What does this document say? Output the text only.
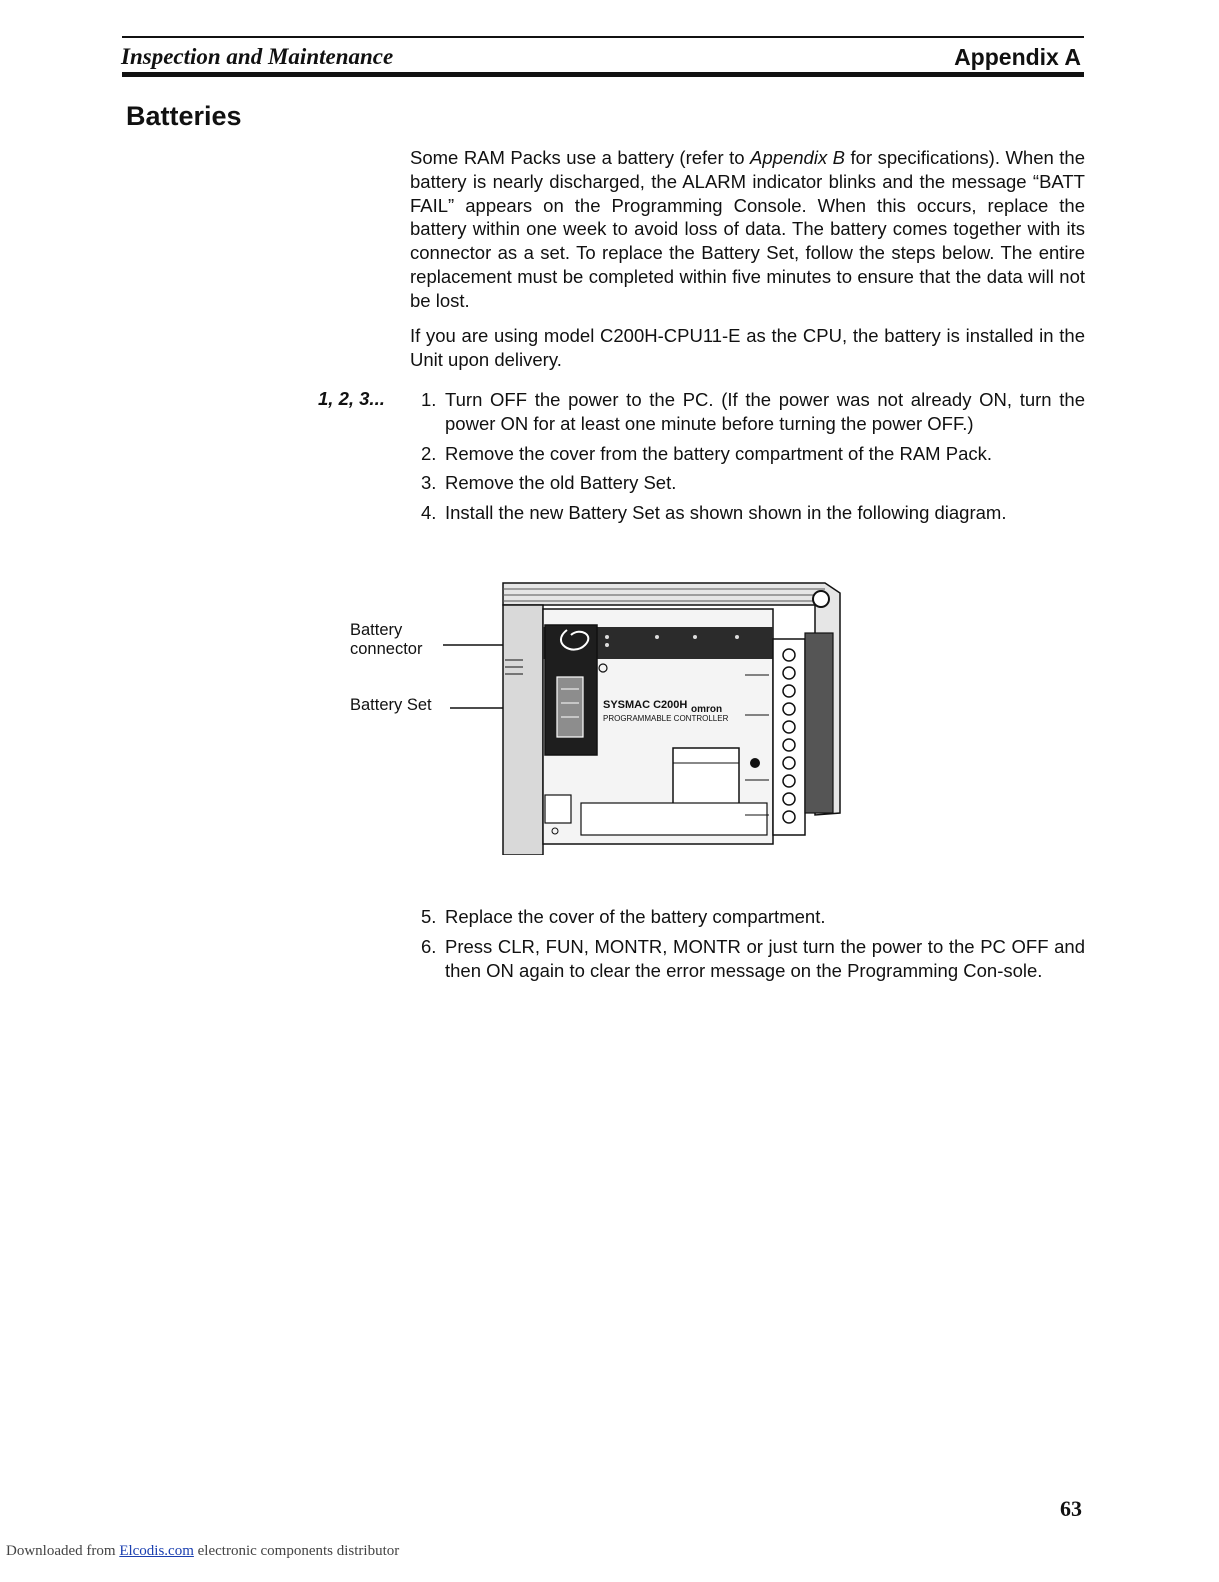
Inspection and Maintenance	Appendix A
Batteries

Some RAM Packs use a battery (refer to Appendix B for specifications). When the battery is nearly discharged, the ALARM indicator blinks and the message “BATT FAIL” appears on the Programming Console. When this occurs, replace the battery within one week to avoid loss of data. The battery comes together with its connector as a set. To replace the Battery Set, follow the steps below. The entire replacement must be completed within five minutes to ensure that the data will not be lost.

If you are using model C200H-CPU11-E as the CPU, the battery is installed in the Unit upon delivery.

1, 2, 3... 1. Turn OFF the power to the PC. (If the power was not already ON, turn the power ON for at least one minute before turning the power OFF.)
2. Remove the cover from the battery compartment of the RAM Pack.
3. Remove the old Battery Set.
4. Install the new Battery Set as shown shown in the following diagram.
Battery
connector
Battery Set	SYSMAC C200H omron
PROGRAMMABLE CONTROLLER
5. Replace the cover of the battery compartment.
6. Press CLR, FUN, MONTR, MONTR or just turn the power to the PC OFF and then ON again to clear the error message on the Programming Con-sole.
63
Downloaded from Elcodis.com electronic components distributor
